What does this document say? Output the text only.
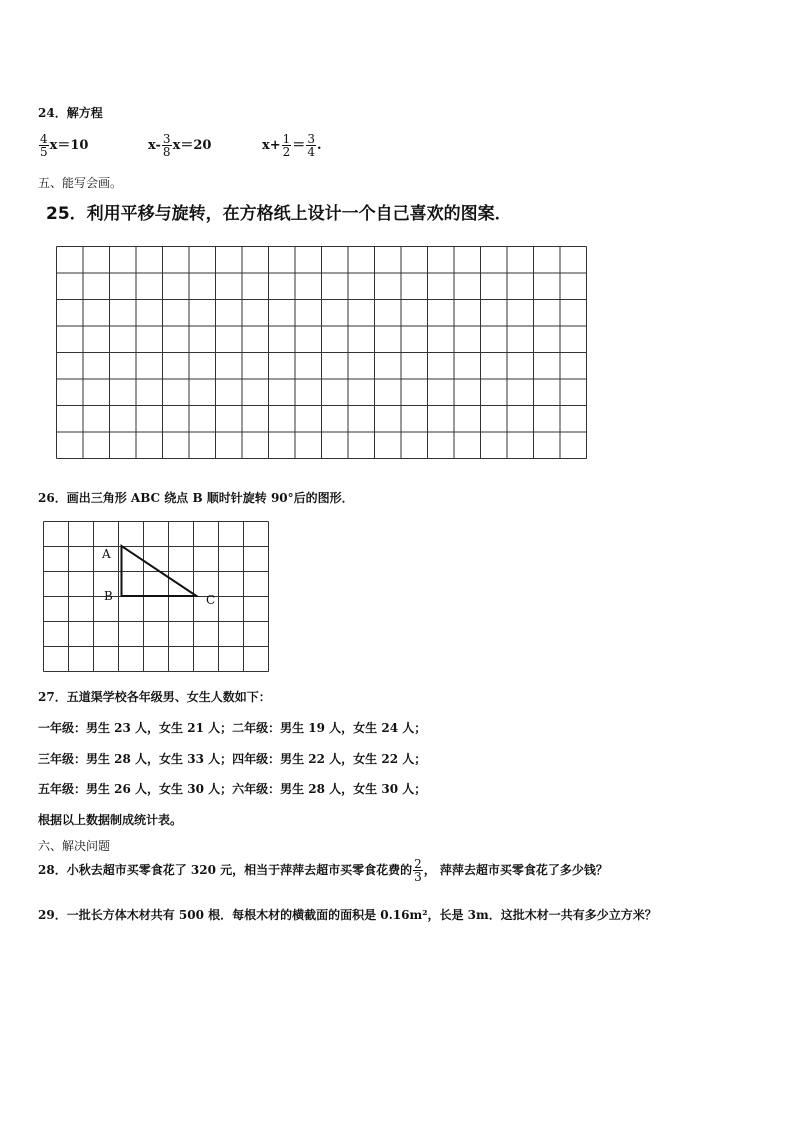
24．解方程
$\frac{4}{5} x=10$	$x- \frac{3}{8} x=20$	$x+ \frac{1}{2} = \frac{3}{4}$ .
五、能写会画。
25．利用平移与旋转，在方格纸上设计一个自己喜欢的图案．
26．画出三角形 ABC 绕点 B 顺时针旋转 90°后的图形．
A
B	C
27．五道渠学校各年级男、女生人数如下：
一年级：男生 23 人，女生 21 人；二年级：男生 19 人，女生 24 人；
三年级：男生 28 人，女生 33 人；四年级：男生 22 人，女生 22 人；
五年级：男生 26 人，女生 30 人；六年级：男生 28 人，女生 30 人；
根据以上数据制成统计表。
六、解决问题
28．小秋去超市买零食花了 320 元，相当于萍萍去超市买零食花费的 $\frac{2}{3}$ ， 萍萍去超市买零食花了多少钱？
29．一批长方体木材共有 500 根．每根木材的横截面的面积是 0.16m²，长是 3m．这批木材一共有多少立方米？
